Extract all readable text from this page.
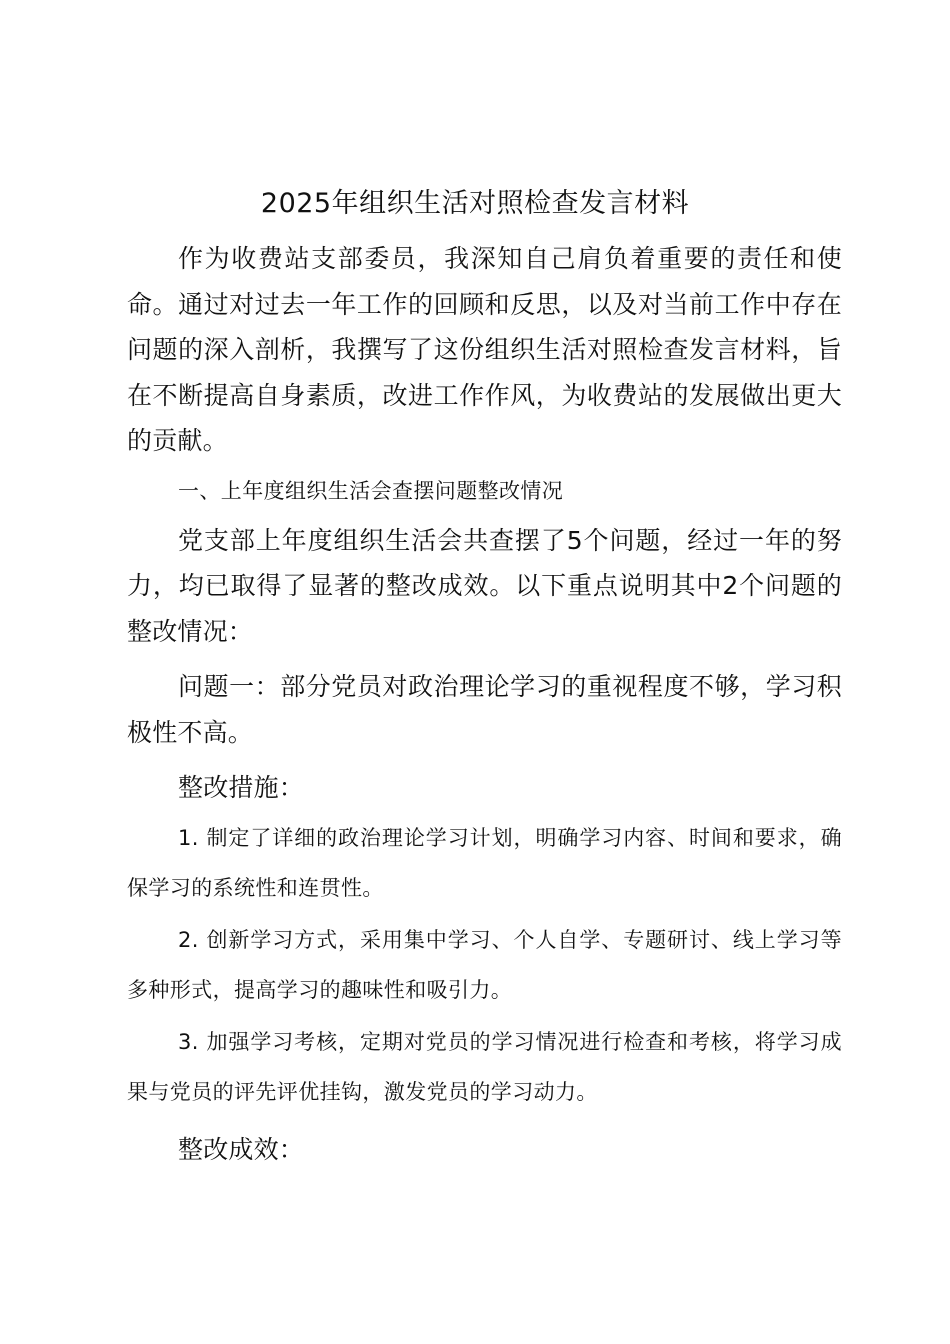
2025年组织生活对照检查发言材料

作为收费站支部委员，我深知自己肩负着重要的责任和使命。通过对过去一年工作的回顾和反思，以及对当前工作中存在问题的深入剖析，我撰写了这份组织生活对照检查发言材料，旨在不断提高自身素质，改进工作作风，为收费站的发展做出更大的贡献。

一、上年度组织生活会查摆问题整改情况

党支部上年度组织生活会共查摆了5个问题，经过一年的努力，均已取得了显著的整改成效。以下重点说明其中2个问题的整改情况：

问题一：部分党员对政治理论学习的重视程度不够，学习积极性不高。

整改措施：

1. 制定了详细的政治理论学习计划，明确学习内容、时间和要求，确保学习的系统性和连贯性。

2. 创新学习方式，采用集中学习、个人自学、专题研讨、线上学习等多种形式，提高学习的趣味性和吸引力。

3. 加强学习考核，定期对党员的学习情况进行检查和考核，将学习成果与党员的评先评优挂钩，激发党员的学习动力。

整改成效：
